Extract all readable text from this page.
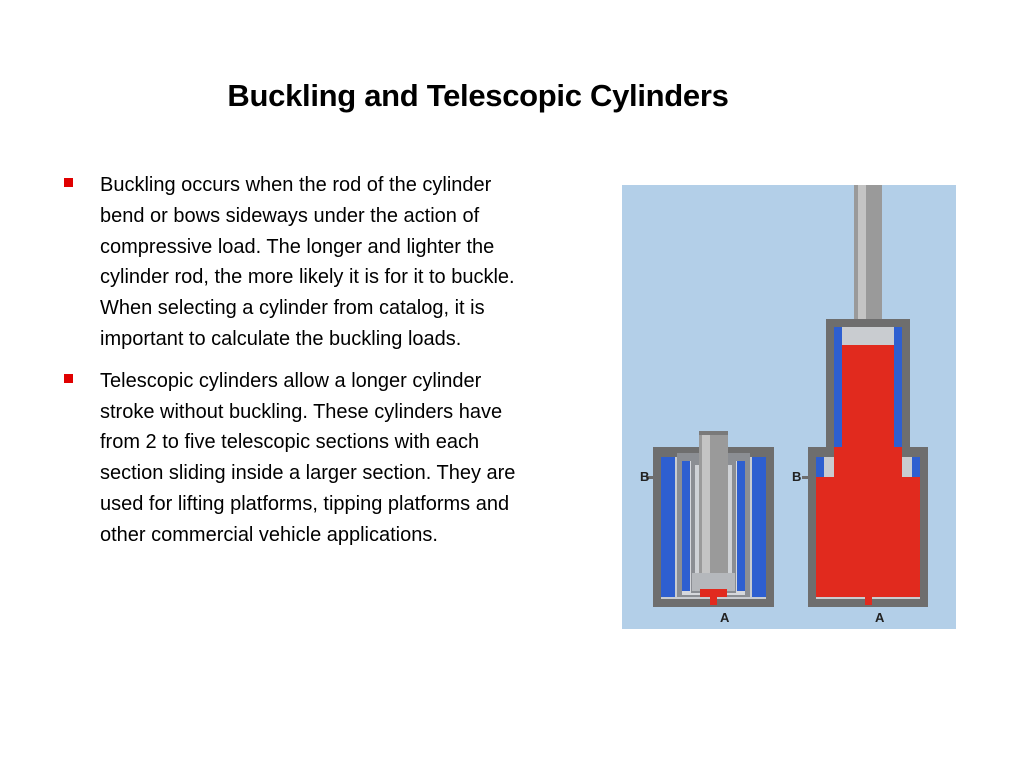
Buckling and Telescopic Cylinders
Buckling occurs when the rod of the cylinder bend or bows sideways under the action of compressive load. The longer and lighter the cylinder rod, the more likely it is for it to buckle. When selecting a cylinder from catalog, it is important to calculate the buckling loads.
Telescopic cylinders allow a longer cylinder stroke without buckling. These cylinders have from 2 to five telescopic sections with each section sliding inside a larger section. They are used for lifting platforms, tipping platforms and other commercial vehicle applications.
B
A
B
A
